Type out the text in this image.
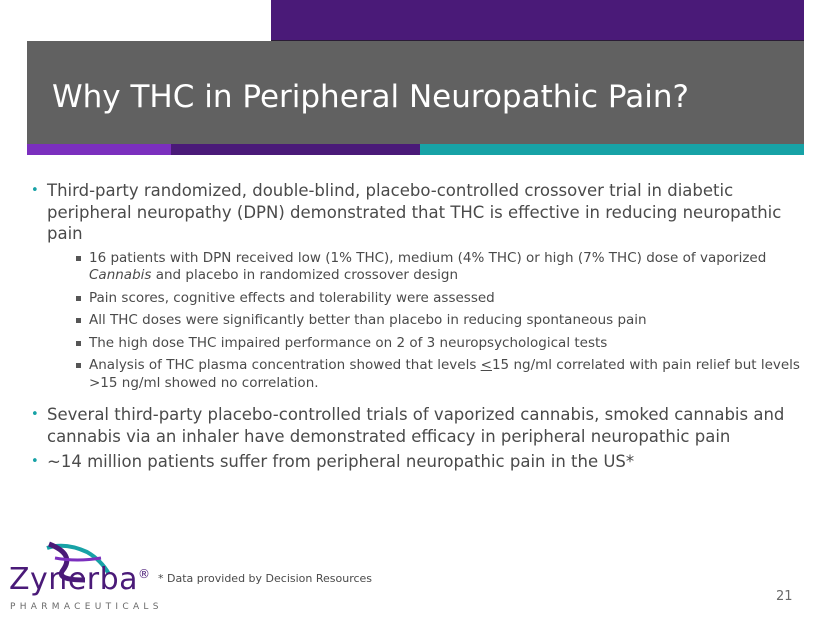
Why THC in Peripheral Neuropathic Pain?
• Third-party randomized, double-blind, placebo-controlled crossover trial in diabetic peripheral neuropathy (DPN) demonstrated that THC is effective in reducing neuropathic pain
16 patients with DPN received low (1% THC), medium (4% THC) or high (7% THC) dose of vaporized Cannabis and placebo in randomized crossover design
Pain scores, cognitive effects and tolerability were assessed
All THC doses were significantly better than placebo in reducing spontaneous pain
The high dose THC impaired performance on 2 of 3 neuropsychological tests
Analysis of THC plasma concentration showed that levels <15 ng/ml correlated with pain relief but levels >15 ng/ml showed no correlation.
• Several third-party placebo-controlled trials of vaporized cannabis, smoked cannabis and cannabis via an inhaler have demonstrated efficacy in peripheral neuropathic pain
• ~14 million patients suffer from peripheral neuropathic pain in the US*
Zynerba®
PHARMACEUTICALS
* Data provided by Decision Resources
21
